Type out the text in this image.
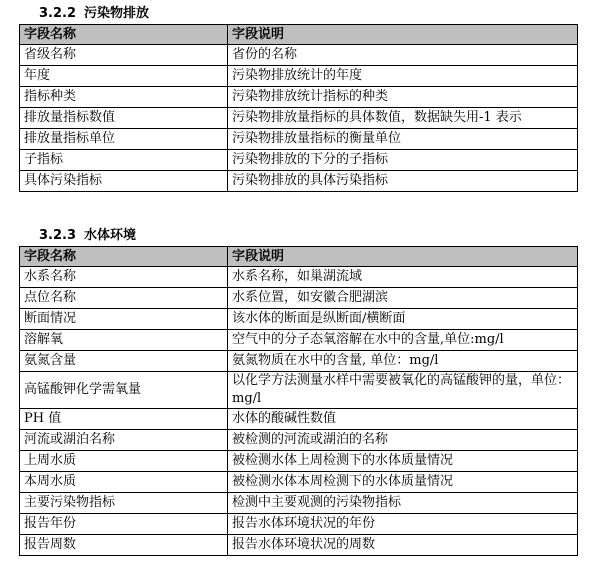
3.2.2 污染物排放
字段名称	字段说明
省级名称	省份的名称
年度	污染物排放统计的年度
指标种类	污染物排放统计指标的种类
排放量指标数值	污染物排放量指标的具体数值，数据缺失用-1 表示
排放量指标单位	污染物排放量指标的衡量单位
子指标	污染物排放的下分的子指标
具体污染指标	污染物排放的具体污染指标
3.2.3 水体环境
字段名称	字段说明
水系名称	水系名称，如巢湖流域
点位名称	水系位置，如安徽合肥湖滨
断面情况	该水体的断面是纵断面/横断面
溶解氧	空气中的分子态氧溶解在水中的含量,单位:mg/l
氨氮含量	氨氮物质在水中的含量, 单位：mg/l
高锰酸钾化学需氧量	以化学方法测量水样中需要被氧化的高锰酸钾的量，单位：mg/l
PH 值	水体的酸碱性数值
河流或湖泊名称	被检测的河流或湖泊的名称
上周水质	被检测水体上周检测下的水体质量情况
本周水质	被检测水体本周检测下的水体质量情况
主要污染物指标	检测中主要观测的污染物指标
报告年份	报告水体环境状况的年份
报告周数	报告水体环境状况的周数
